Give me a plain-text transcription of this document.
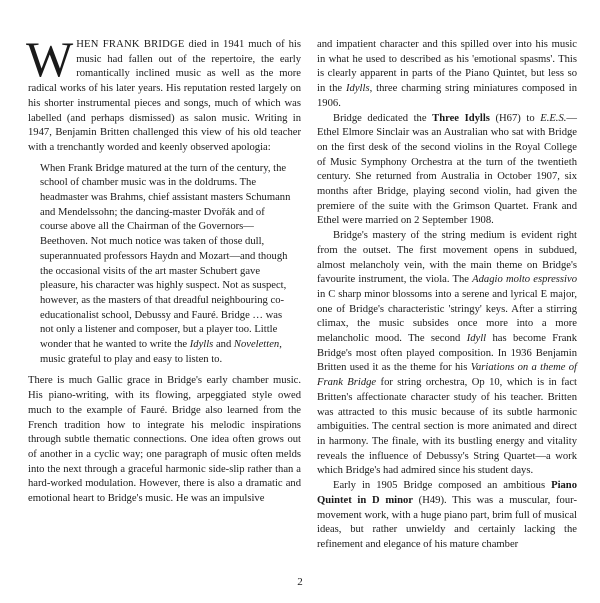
WHEN FRANK BRIDGE died in 1941 much of his music had fallen out of the repertoire, the early romantically inclined music as well as the more radical works of his later years. His reputation rested largely on his shorter instrumental pieces and songs, much of which was labelled (and perhaps dismissed) as salon music. Writing in 1947, Benjamin Britten challenged this view of his old teacher with a trenchantly worded and keenly observed apologia:

When Frank Bridge matured at the turn of the century, the school of chamber music was in the doldrums. The headmaster was Brahms, chief assistant masters Schumann and Mendelssohn; the dancing-master Dvořák and of course above all the Chairman of the Governors—Beethoven. Not much notice was taken of those dull, superannuated professors Haydn and Mozart—and though the occasional visits of the art master Schubert gave pleasure, his character was highly suspect. Not as suspect, however, as the masters of that dreadful neighbouring co-educationalist school, Debussy and Fauré. Bridge … was not only a listener and composer, but a player too. Little wonder that he wanted to write the Idylls and Noveletten, music grateful to play and easy to listen to.

There is much Gallic grace in Bridge's early chamber music. His piano-writing, with its flowing, arpeggiated style owed much to the example of Fauré. Bridge also learned from the French tradition how to integrate his melodic inspirations through subtle thematic connections. One idea often grows out of another in a cyclic way; one paragraph of music often melds into the next through a graceful harmonic side-slip rather than a hard-worked modulation. However, there is also a dramatic and emotional heart to Bridge's music. He was an impulsive

and impatient character and this spilled over into his music in what he used to described as his 'emotional spasms'. This is clearly apparent in parts of the Piano Quintet, but less so in the Idylls, three charming string miniatures composed in 1906.

Bridge dedicated the Three Idylls (H67) to E.E.S.—Ethel Elmore Sinclair was an Australian who sat with Bridge on the first desk of the second violins in the Royal College of Music Symphony Orchestra at the turn of the twentieth century. She returned from Australia in October 1907, six months after Bridge, playing second violin, had given the premiere of the suite with the Grimson Quartet. Frank and Ethel were married on 2 September 1908.

Bridge's mastery of the string medium is evident right from the outset. The first movement opens in subdued, almost melancholy vein, with the main theme on Bridge's favourite instrument, the viola. The Adagio molto espressivo in C sharp minor blossoms into a serene and lyrical E major, one of Bridge's characteristic 'stringy' keys. After a stirring climax, the music subsides once more into a more melancholic mood. The second Idyll has become Frank Bridge's most often played composition. In 1936 Benjamin Britten used it as the theme for his Variations on a theme of Frank Bridge for string orchestra, Op 10, which is in fact Britten's affectionate character study of his teacher. Britten was attracted to this music because of its subtle harmonic ambiguities. The central section is more animated and direct in harmony. The finale, with its bustling energy and vitality reveals the influence of Debussy's String Quartet—a work which Bridge's had admired since his student days.

Early in 1905 Bridge composed an ambitious Piano Quintet in D minor (H49). This was a muscular, four-movement work, with a huge piano part, brim full of musical ideas, but rather unwieldy and certainly lacking the refinement and elegance of his mature chamber

2
